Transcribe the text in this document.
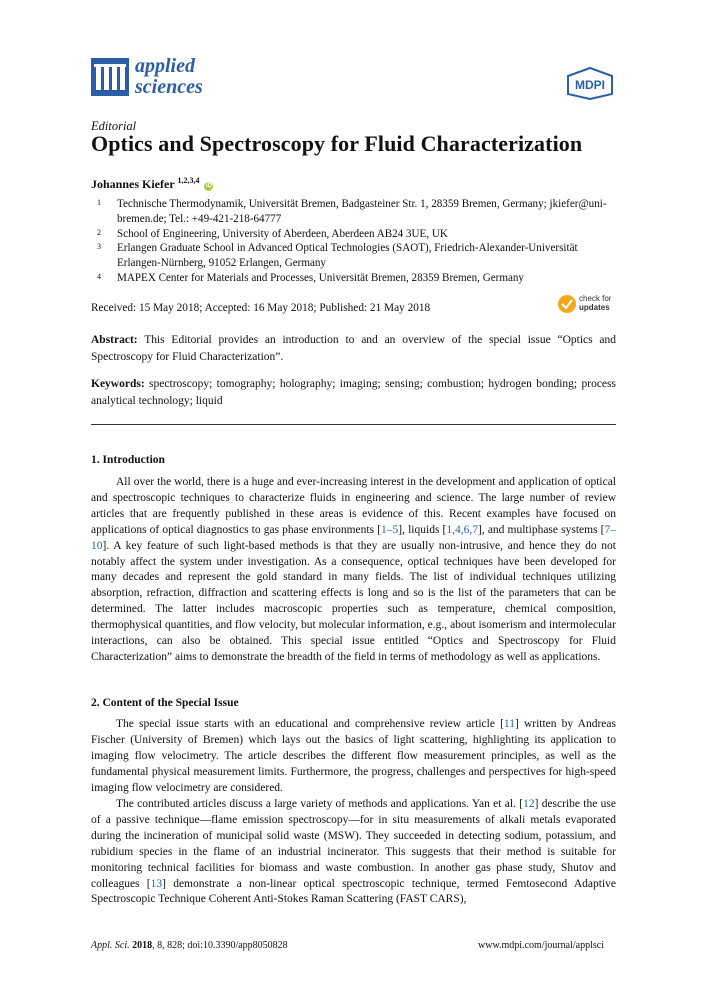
applied
sciences	MDPI
Editorial
Optics and Spectroscopy for Fluid Characterization
Johannes Kiefer $^{1,2,3,4}$ iD
1 Technische Thermodynamik, Universität Bremen, Badgasteiner Str. 1, 28359 Bremen, Germany; jkiefer@uni-bremen.de; Tel.: +49-421-218-64777
2 School of Engineering, University of Aberdeen, Aberdeen AB24 3UE, UK
3 Erlangen Graduate School in Advanced Optical Technologies (SAOT), Friedrich-Alexander-Universität Erlangen-Nürnberg, 91052 Erlangen, Germany
4 MAPEX Center for Materials and Processes, Universität Bremen, 28359 Bremen, Germany
Received: 15 May 2018; Accepted: 16 May 2018; Published: 21 May 2018
check for
updates
Abstract: This Editorial provides an introduction to and an overview of the special issue “Optics and Spectroscopy for Fluid Characterization”.
Keywords: spectroscopy; tomography; holography; imaging; sensing; combustion; hydrogen bonding; process analytical technology; liquid
1. Introduction
All over the world, there is a huge and ever-increasing interest in the development and application of optical and spectroscopic techniques to characterize fluids in engineering and science. The large number of review articles that are frequently published in these areas is evidence of this. Recent examples have focused on applications of optical diagnostics to gas phase environments [1–5], liquids [1,4,6,7], and multiphase systems [7–10]. A key feature of such light-based methods is that they are usually non-intrusive, and hence they do not notably affect the system under investigation. As a consequence, optical techniques have been developed for many decades and represent the gold standard in many fields. The list of individual techniques utilizing absorption, refraction, diffraction and scattering effects is long and so is the list of the parameters that can be determined. The latter includes macroscopic properties such as temperature, chemical composition, thermophysical quantities, and flow velocity, but molecular information, e.g., about isomerism and intermolecular interactions, can also be obtained. This special issue entitled “Optics and Spectroscopy for Fluid Characterization” aims to demonstrate the breadth of the field in terms of methodology as well as applications.
2. Content of the Special Issue
The special issue starts with an educational and comprehensive review article [11] written by Andreas Fischer (University of Bremen) which lays out the basics of light scattering, highlighting its application to imaging flow velocimetry. The article describes the different flow measurement principles, as well as the fundamental physical measurement limits. Furthermore, the progress, challenges and perspectives for high-speed imaging flow velocimetry are considered.
The contributed articles discuss a large variety of methods and applications. Yan et al. [12] describe the use of a passive technique—flame emission spectroscopy—for in situ measurements of alkali metals evaporated during the incineration of municipal solid waste (MSW). They succeeded in detecting sodium, potassium, and rubidium species in the flame of an industrial incinerator. This suggests that their method is suitable for monitoring technical facilities for biomass and waste combustion. In another gas phase study, Shutov and colleagues [13] demonstrate a non-linear optical spectroscopic technique, termed Femtosecond Adaptive Spectroscopic Technique Coherent Anti-Stokes Raman Scattering (FAST CARS),
Appl. Sci. 2018, 8, 828; doi:10.3390/app8050828	www.mdpi.com/journal/applsci
